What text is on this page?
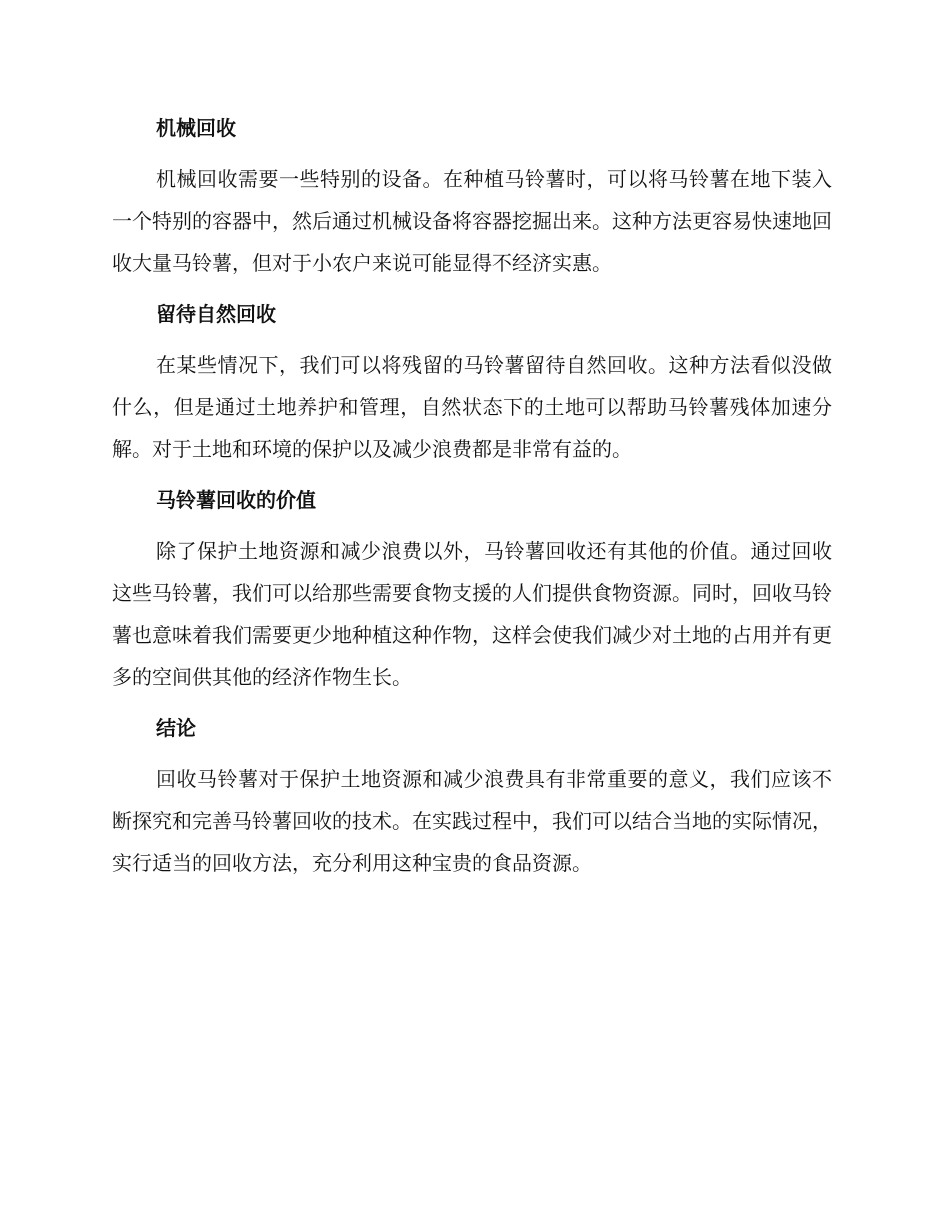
机械回收

机械回收需要一些特别的设备。在种植马铃薯时，可以将马铃薯在地下装入一个特别的容器中，然后通过机械设备将容器挖掘出来。这种方法更容易快速地回收大量马铃薯，但对于小农户来说可能显得不经济实惠。

留待自然回收

在某些情况下，我们可以将残留的马铃薯留待自然回收。这种方法看似没做什么，但是通过土地养护和管理，自然状态下的土地可以帮助马铃薯残体加速分解。对于土地和环境的保护以及减少浪费都是非常有益的。

马铃薯回收的价值

除了保护土地资源和减少浪费以外，马铃薯回收还有其他的价值。通过回收这些马铃薯，我们可以给那些需要食物支援的人们提供食物资源。同时，回收马铃薯也意味着我们需要更少地种植这种作物，这样会使我们减少对土地的占用并有更多的空间供其他的经济作物生长。

结论

回收马铃薯对于保护土地资源和减少浪费具有非常重要的意义，我们应该不断探究和完善马铃薯回收的技术。在实践过程中，我们可以结合当地的实际情况，实行适当的回收方法，充分利用这种宝贵的食品资源。
